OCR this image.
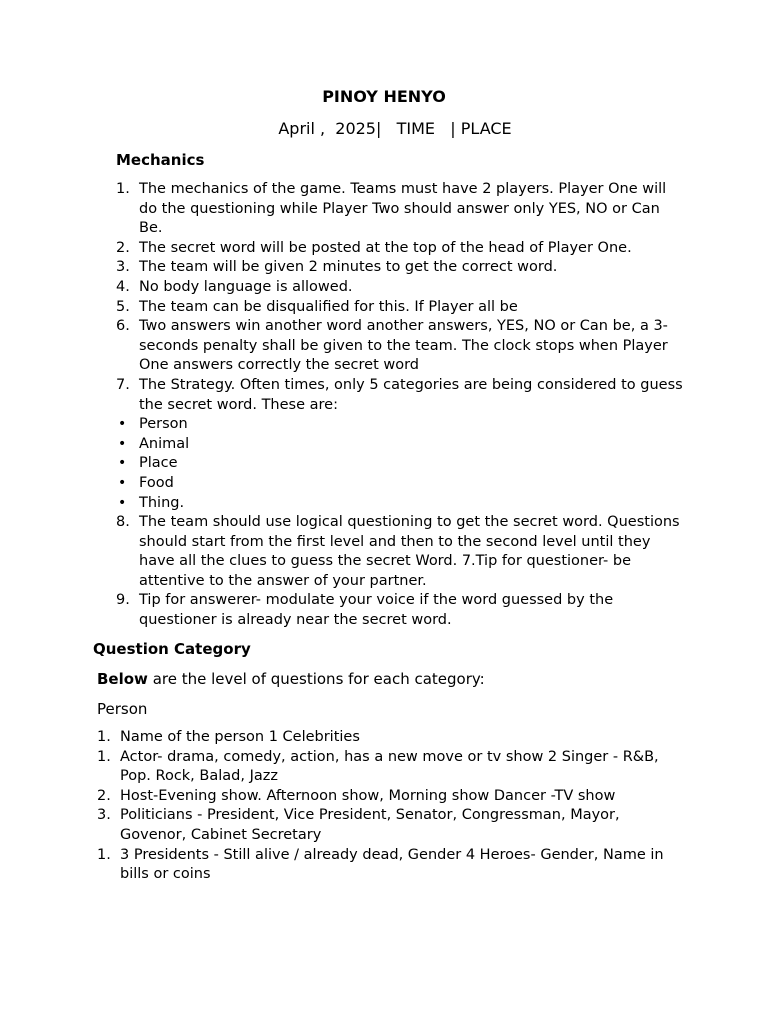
PINOY HENYO
April ,  2025|   TIME   | PLACE
Mechanics
1. The mechanics of the game. Teams must have 2 players. Player One will do the questioning while Player Two should answer only YES, NO or Can Be.
2. The secret word will be posted at the top of the head of Player One.
3. The team will be given 2 minutes to get the correct word.
4. No body language is allowed.
5. The team can be disqualified for this. If Player all be
6. Two answers win another word another answers, YES, NO or Can be, a 3-seconds penalty shall be given to the team. The clock stops when Player One answers correctly the secret word
7. The Strategy. Often times, only 5 categories are being considered to guess the secret word. These are:
• Person
• Animal
• Place
• Food
• Thing.
8. The team should use logical questioning to get the secret word. Questions should start from the first level and then to the second level until they have all the clues to guess the secret Word. 7.Tip for questioner- be attentive to the answer of your partner.
9. Tip for answerer- modulate your voice if the word guessed by the questioner is already near the secret word.
Question Category
Below are the level of questions for each category:
Person
1. Name of the person 1 Celebrities
1. Actor- drama, comedy, action, has a new move or tv show 2 Singer - R&B, Pop. Rock, Balad, Jazz
2. Host-Evening show. Afternoon show, Morning show Dancer -TV show
3. Politicians - President, Vice President, Senator, Congressman, Mayor, Govenor, Cabinet Secretary
1. 3 Presidents - Still alive / already dead, Gender 4 Heroes- Gender, Name in bills or coins
